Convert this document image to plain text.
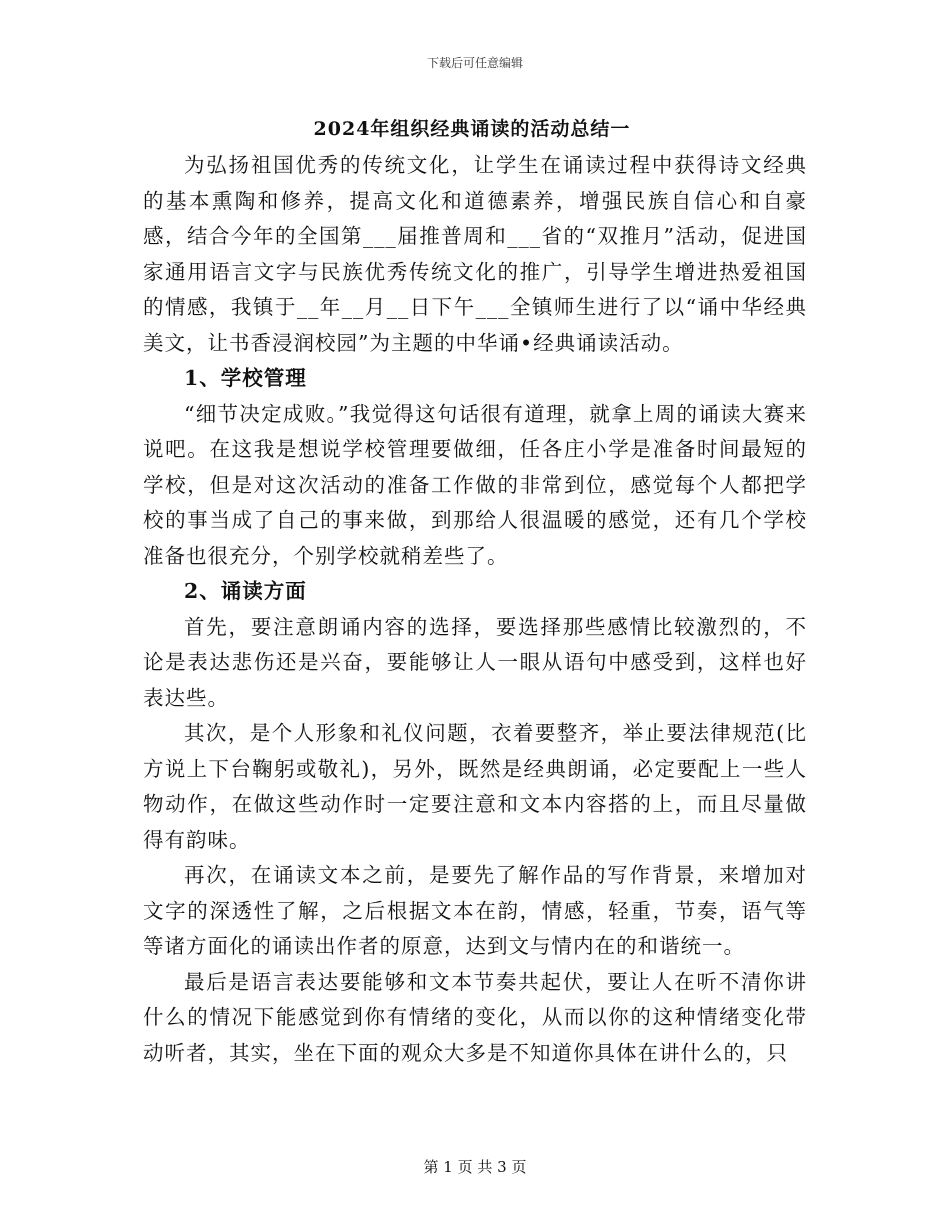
下载后可任意编辑
2024年组织经典诵读的活动总结一

为弘扬祖国优秀的传统文化，让学生在诵读过程中获得诗文经典的基本熏陶和修养，提高文化和道德素养，增强民族自信心和自豪感，结合今年的全国第___届推普周和___省的“双推月”活动，促进国家通用语言文字与民族优秀传统文化的推广，引导学生增进热爱祖国的情感，我镇于__年__月__日下午___全镇师生进行了以“诵中华经典美文，让书香浸润校园”为主题的中华诵•经典诵读活动。

1、学校管理

“细节决定成败。”我觉得这句话很有道理，就拿上周的诵读大赛来说吧。在这我是想说学校管理要做细，任各庄小学是准备时间最短的学校，但是对这次活动的准备工作做的非常到位，感觉每个人都把学校的事当成了自己的事来做，到那给人很温暖的感觉，还有几个学校准备也很充分，个别学校就稍差些了。

2、诵读方面

首先，要注意朗诵内容的选择，要选择那些感情比较激烈的，不论是表达悲伤还是兴奋，要能够让人一眼从语句中感受到，这样也好表达些。

其次，是个人形象和礼仪问题，衣着要整齐，举止要法律规范(比方说上下台鞠躬或敬礼)，另外，既然是经典朗诵，必定要配上一些人物动作，在做这些动作时一定要注意和文本内容搭的上，而且尽量做得有韵味。

再次，在诵读文本之前，是要先了解作品的写作背景，来增加对文字的深透性了解，之后根据文本在韵，情感，轻重，节奏，语气等等诸方面化的诵读出作者的原意，达到文与情内在的和谐统一。

最后是语言表达要能够和文本节奏共起伏，要让人在听不清你讲什么的情况下能感觉到你有情绪的变化，从而以你的这种情绪变化带动听者，其实，坐在下面的观众大多是不知道你具体在讲什么的，只

第 1 页 共 3 页
